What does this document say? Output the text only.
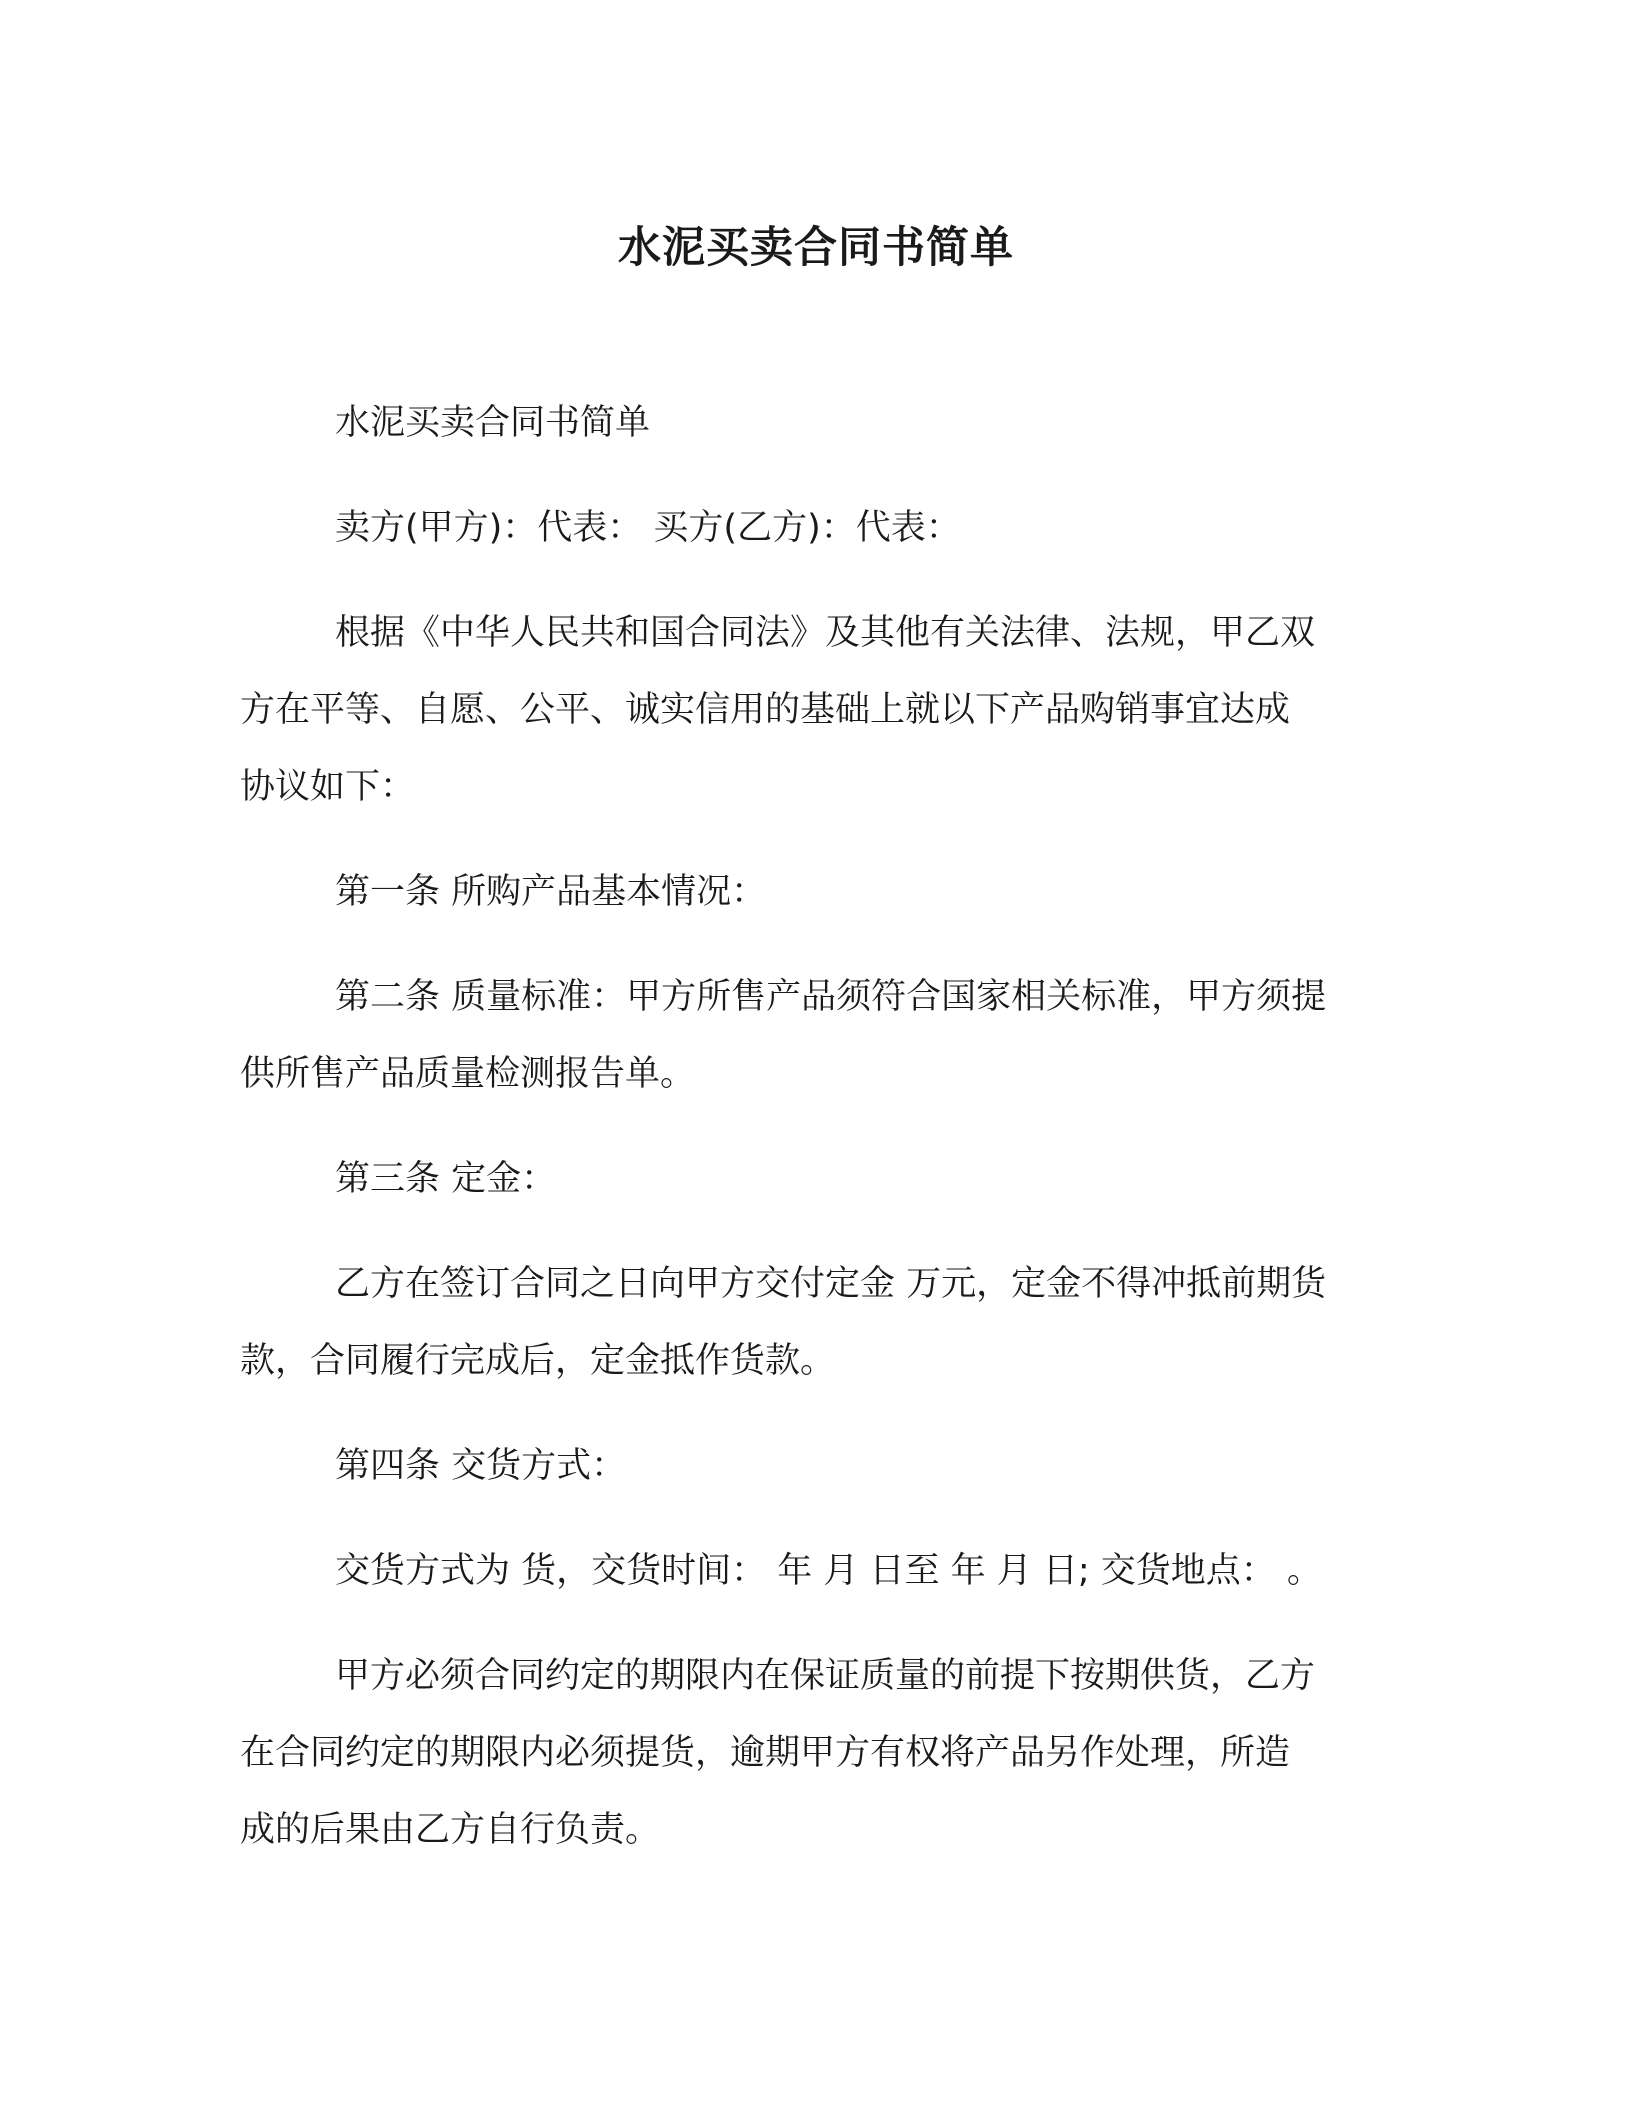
水泥买卖合同书简单

水泥买卖合同书简单

卖方(甲方)：代表： 买方(乙方)：代表：

根据《中华人民共和国合同法》及其他有关法律、法规，甲乙双
方在平等、自愿、公平、诚实信用的基础上就以下产品购销事宜达成
协议如下：

第一条 所购产品基本情况：

第二条 质量标准：甲方所售产品须符合国家相关标准，甲方须提
供所售产品质量检测报告单。

第三条 定金：

乙方在签订合同之日向甲方交付定金 万元，定金不得冲抵前期货
款，合同履行完成后，定金抵作货款。

第四条 交货方式：

交货方式为 货，交货时间： 年 月 日至 年 月 日; 交货地点： 。

甲方必须合同约定的期限内在保证质量的前提下按期供货，乙方
在合同约定的期限内必须提货，逾期甲方有权将产品另作处理，所造
成的后果由乙方自行负责。
